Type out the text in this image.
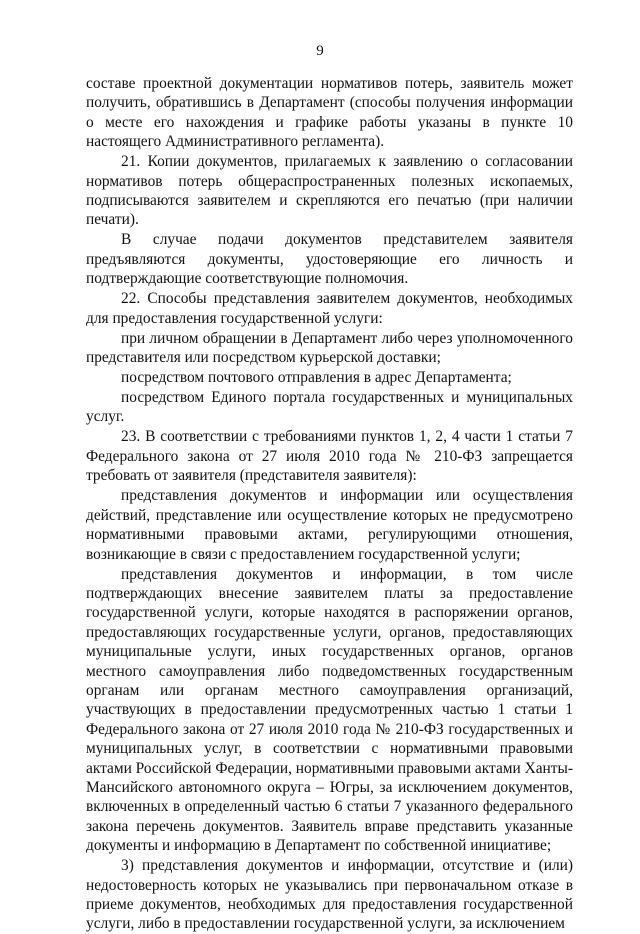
9

составе проектной документации нормативов потерь, заявитель может получить, обратившись в Департамент (способы получения информации о месте его нахождения и графике работы указаны в пункте 10 настоящего Административного регламента).

21. Копии документов, прилагаемых к заявлению о согласовании нормативов потерь общераспространенных полезных ископаемых, подписываются заявителем и скрепляются его печатью (при наличии печати).

В случае подачи документов представителем заявителя предъявляются документы, удостоверяющие его личность и подтверждающие соответствующие полномочия.

22. Способы представления заявителем документов, необходимых для предоставления государственной услуги:

при личном обращении в Департамент либо через уполномоченного представителя или посредством курьерской доставки;

посредством почтового отправления в адрес Департамента;

посредством Единого портала государственных и муниципальных услуг.

23. В соответствии с требованиями пунктов 1, 2, 4 части 1 статьи 7 Федерального закона от 27 июля 2010 года № 210-ФЗ запрещается требовать от заявителя (представителя заявителя):

представления документов и информации или осуществления действий, представление или осуществление которых не предусмотрено нормативными правовыми актами, регулирующими отношения, возникающие в связи с предоставлением государственной услуги;

представления документов и информации, в том числе подтверждающих внесение заявителем платы за предоставление государственной услуги, которые находятся в распоряжении органов, предоставляющих государственные услуги, органов, предоставляющих муниципальные услуги, иных государственных органов, органов местного самоуправления либо подведомственных государственным органам или органам местного самоуправления организаций, участвующих в предоставлении предусмотренных частью 1 статьи 1 Федерального закона от 27 июля 2010 года № 210-ФЗ государственных и муниципальных услуг, в соответствии с нормативными правовыми актами Российской Федерации, нормативными правовыми актами Ханты-Мансийского автономного округа – Югры, за исключением документов, включенных в определенный частью 6 статьи 7 указанного федерального закона перечень документов. Заявитель вправе представить указанные документы и информацию в Департамент по собственной инициативе;

3) представления документов и информации, отсутствие и (или) недостоверность которых не указывались при первоначальном отказе в приеме документов, необходимых для предоставления государственной услуги, либо в предоставлении государственной услуги, за исключением
